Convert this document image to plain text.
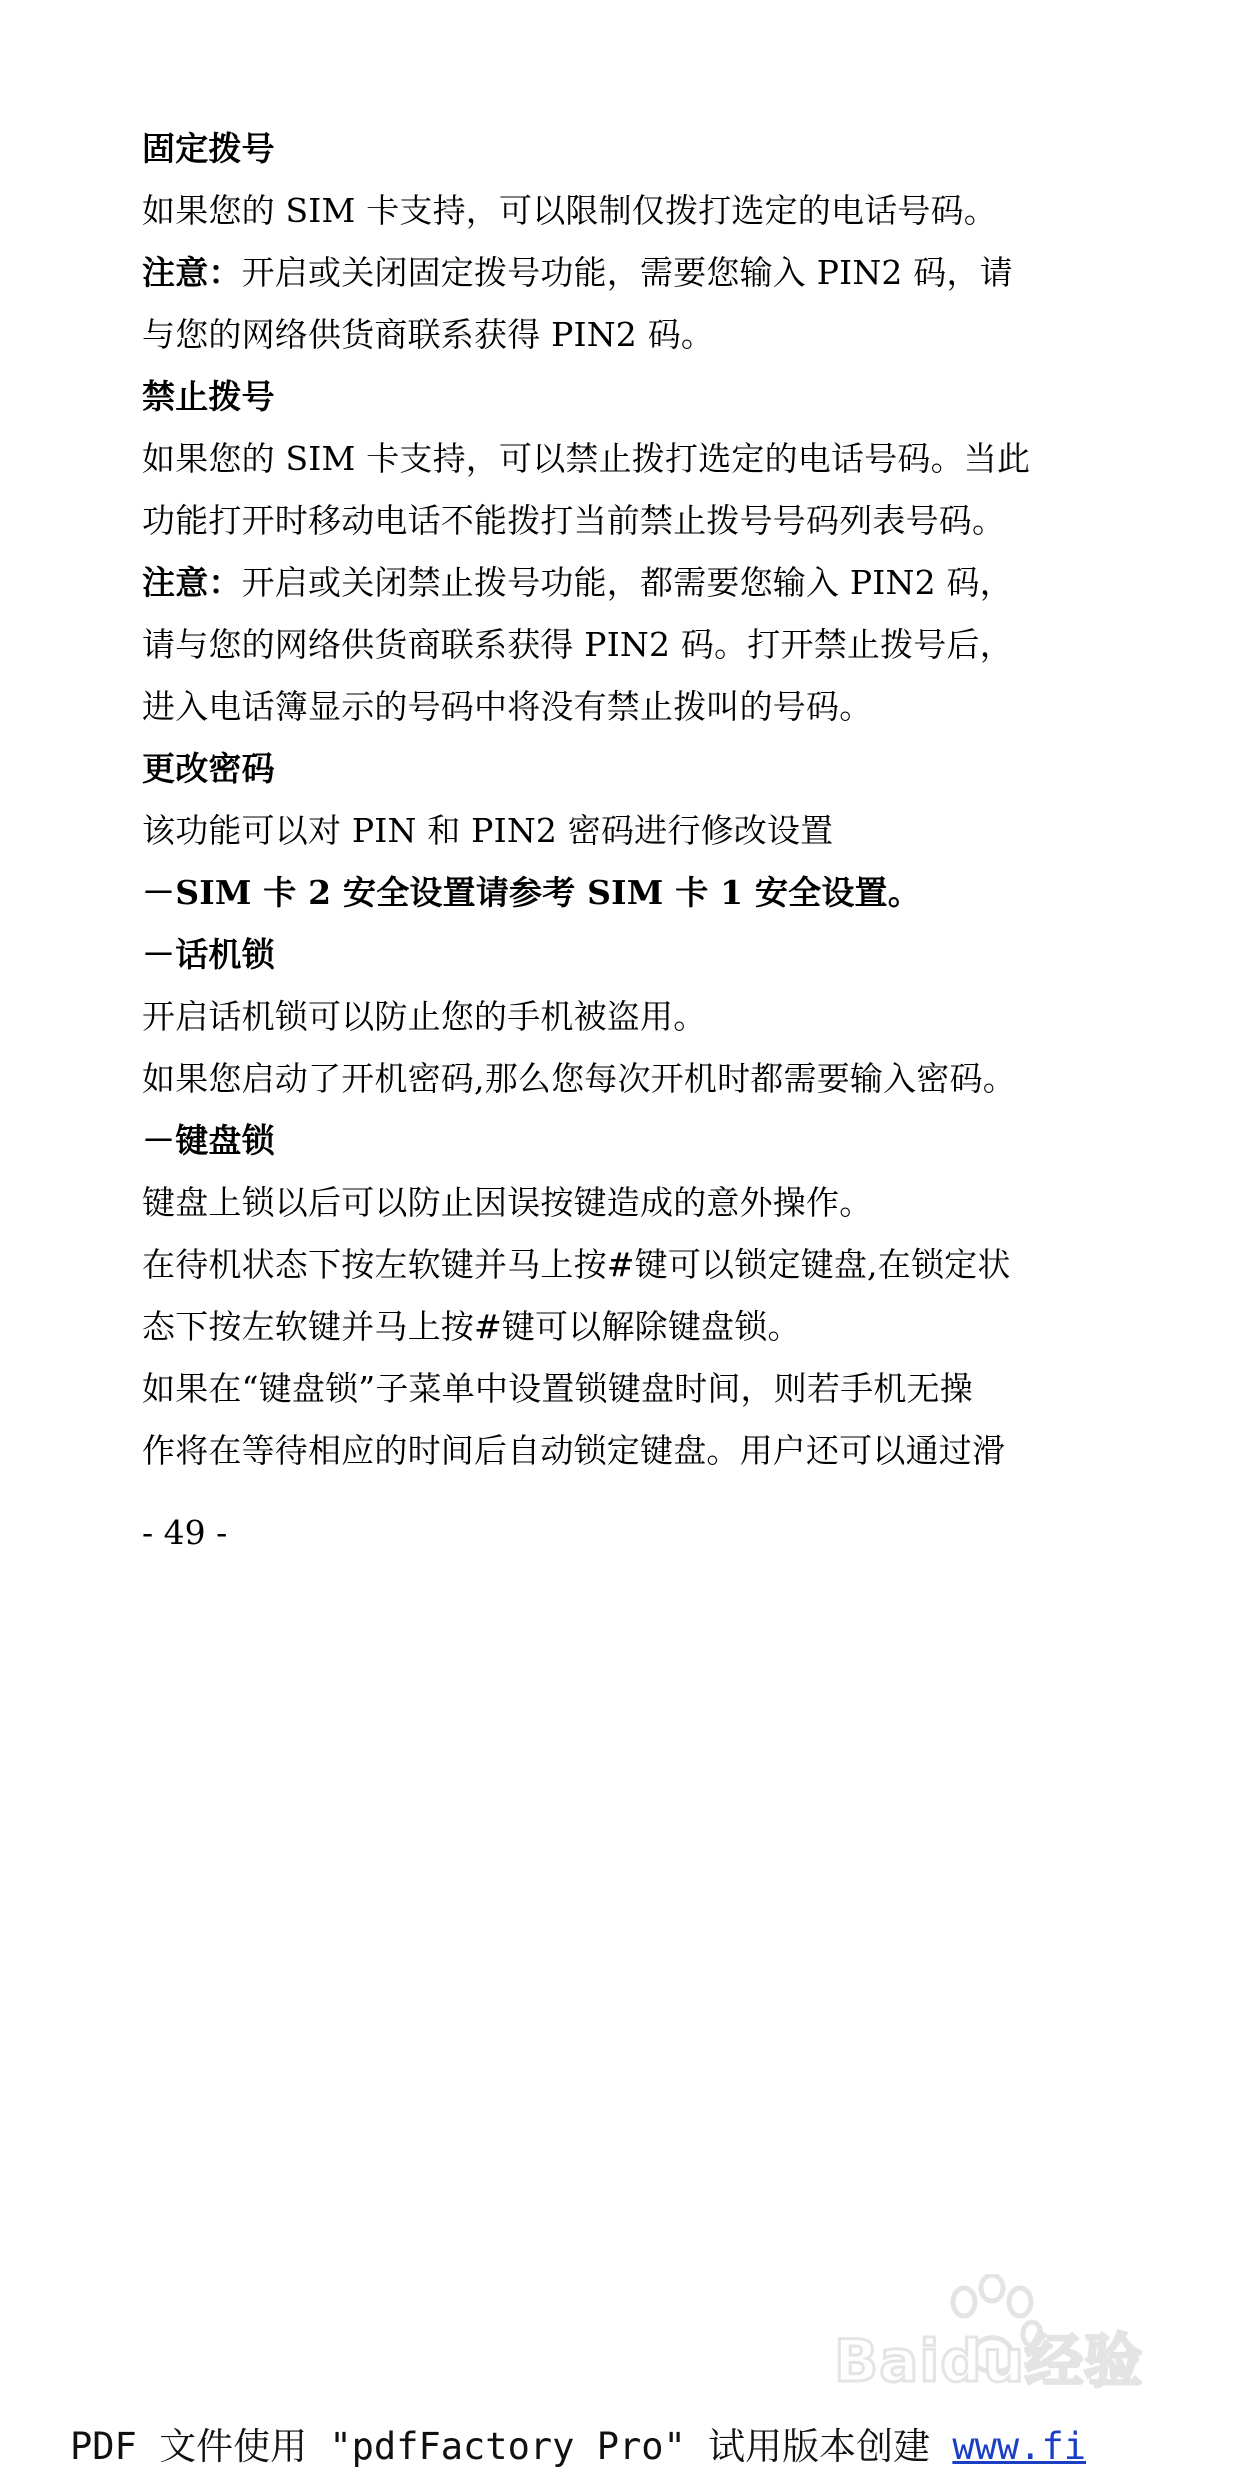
固定拨号
如果您的 SIM 卡支持，可以限制仅拨打选定的电话号码。
注意：开启或关闭固定拨号功能，需要您输入 PIN2 码，请
与您的网络供货商联系获得 PIN2 码。
禁止拨号
如果您的 SIM 卡支持，可以禁止拨打选定的电话号码。当此
功能打开时移动电话不能拨打当前禁止拨号号码列表号码。
注意：开启或关闭禁止拨号功能，都需要您输入 PIN2 码，
请与您的网络供货商联系获得 PIN2 码。打开禁止拨号后，
进入电话簿显示的号码中将没有禁止拨叫的号码。
更改密码
该功能可以对 PIN 和 PIN2 密码进行修改设置
－SIM 卡 2 安全设置请参考 SIM 卡 1 安全设置。
－话机锁
开启话机锁可以防止您的手机被盗用。
如果您启动了开机密码,那么您每次开机时都需要输入密码。
－键盘锁
键盘上锁以后可以防止因误按键造成的意外操作。
在待机状态下按左软键并马上按#键可以锁定键盘,在锁定状
态下按左软键并马上按#键可以解除键盘锁。
如果在“键盘锁”子菜单中设置锁键盘时间，则若手机无操
作将在等待相应的时间后自动锁定键盘。用户还可以通过滑
- 49 -
Baidu经验
PDF 文件使用 "pdfFactory Pro" 试用版本创建 www.fi
